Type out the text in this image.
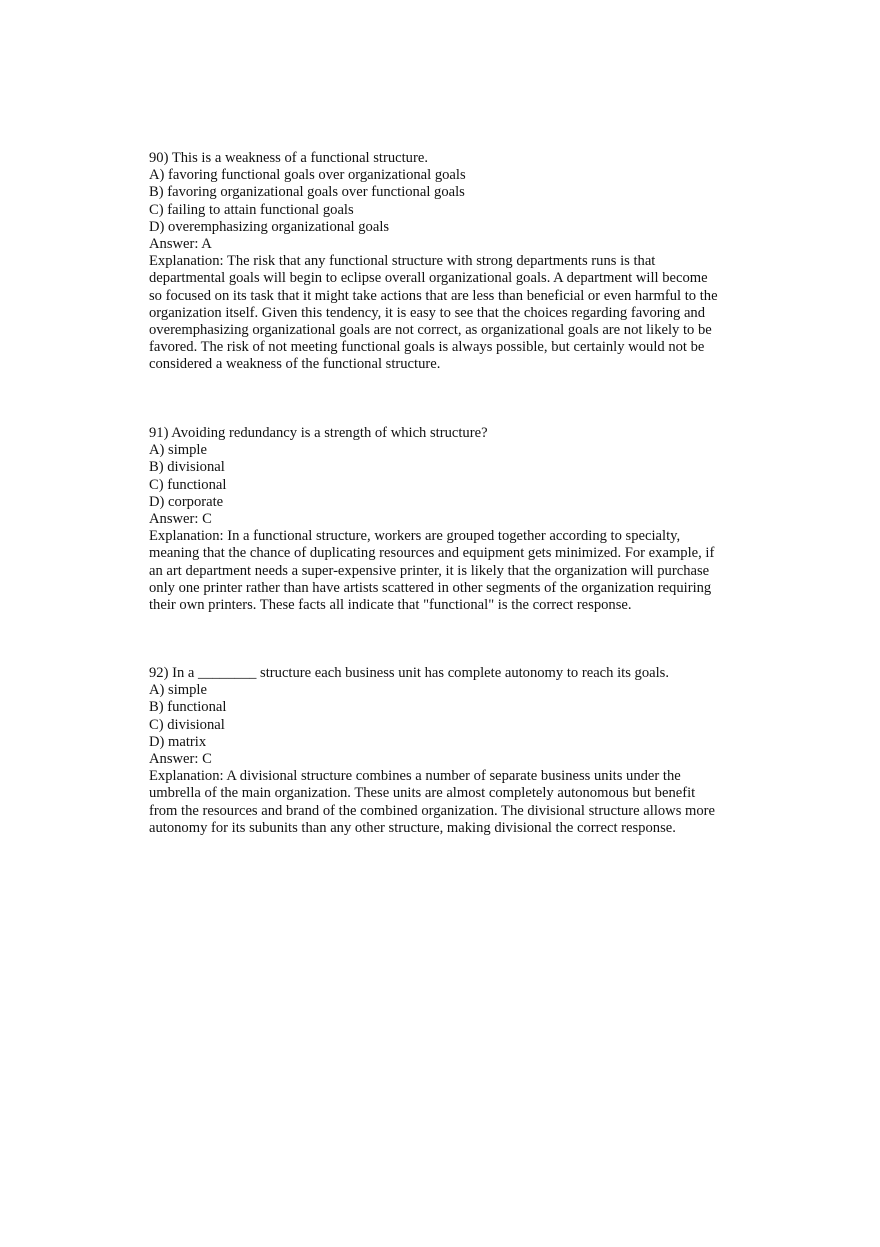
90) This is a weakness of a functional structure.
A) favoring functional goals over organizational goals
B) favoring organizational goals over functional goals
C) failing to attain functional goals
D) overemphasizing organizational goals
Answer: A
Explanation: The risk that any functional structure with strong departments runs is that
departmental goals will begin to eclipse overall organizational goals. A department will become
so focused on its task that it might take actions that are less than beneficial or even harmful to the
organization itself. Given this tendency, it is easy to see that the choices regarding favoring and
overemphasizing organizational goals are not correct, as organizational goals are not likely to be
favored. The risk of not meeting functional goals is always possible, but certainly would not be
considered a weakness of the functional structure.
91) Avoiding redundancy is a strength of which structure?
A) simple
B) divisional
C) functional
D) corporate
Answer: C
Explanation: In a functional structure, workers are grouped together according to specialty,
meaning that the chance of duplicating resources and equipment gets minimized. For example, if
an art department needs a super-expensive printer, it is likely that the organization will purchase
only one printer rather than have artists scattered in other segments of the organization requiring
their own printers. These facts all indicate that "functional" is the correct response.
92) In a ________ structure each business unit has complete autonomy to reach its goals.
A) simple
B) functional
C) divisional
D) matrix
Answer: C
Explanation: A divisional structure combines a number of separate business units under the
umbrella of the main organization. These units are almost completely autonomous but benefit
from the resources and brand of the combined organization. The divisional structure allows more
autonomy for its subunits than any other structure, making divisional the correct response.
